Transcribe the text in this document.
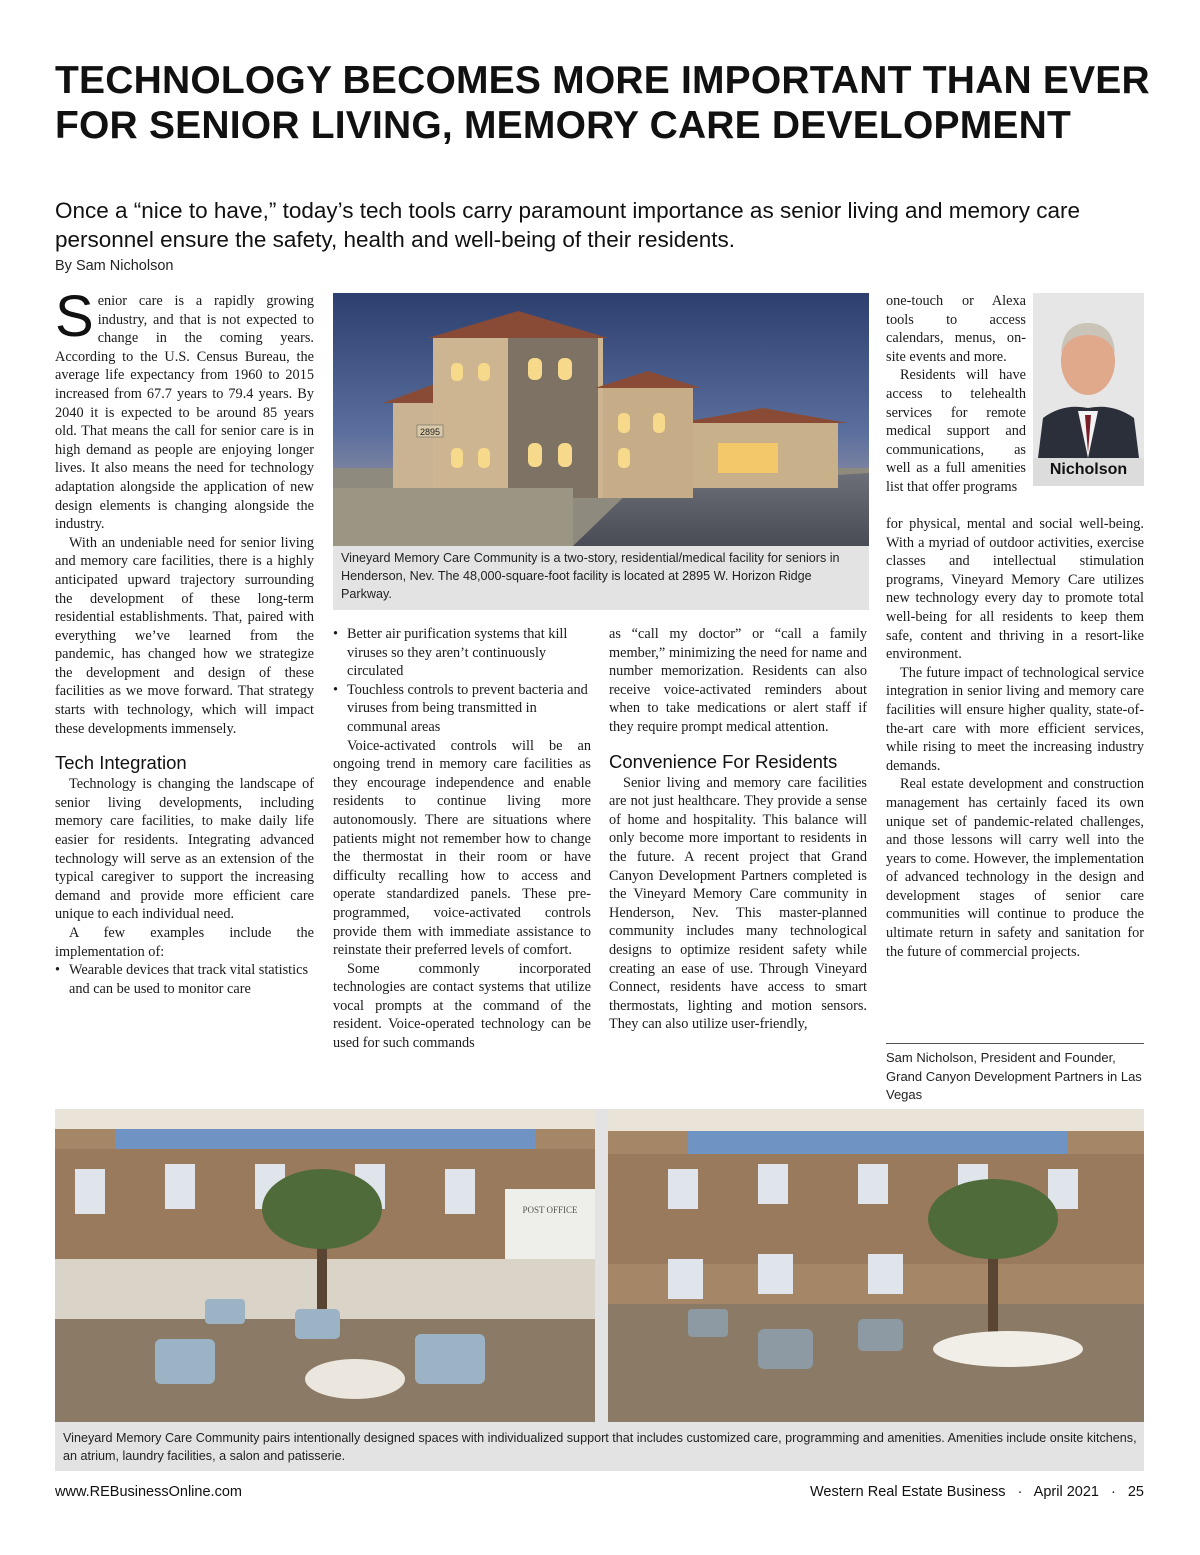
TECHNOLOGY BECOMES MORE IMPORTANT THAN EVER FOR SENIOR LIVING, MEMORY CARE DEVELOPMENT

Once a “nice to have,” today’s tech tools carry paramount importance as senior living and memory care personnel ensure the safety, health and well-being of their residents.

By Sam Nicholson

Senior care is a rapidly growing industry, and that is not expected to change in the coming years. According to the U.S. Census Bureau, the average life expectancy from 1960 to 2015 increased from 67.7 years to 79.4 years. By 2040 it is expected to be around 85 years old. That means the call for senior care is in high demand as people are enjoying longer lives. It also means the need for technology adaptation alongside the application of new design elements is changing alongside the industry.

With an undeniable need for senior living and memory care facilities, there is a highly anticipated upward trajectory surrounding the development of these long-term residential establishments. That, paired with everything we’ve learned from the pandemic, has changed how we strategize the development and design of these facilities as we move forward. That strategy starts with technology, which will impact these developments immensely.

Tech Integration

Technology is changing the landscape of senior living developments, including memory care facilities, to make daily life easier for residents. Integrating advanced technology will serve as an extension of the typical caregiver to support the increasing demand and provide more efficient care unique to each individual need.

A few examples include the implementation of:

• Wearable devices that track vital statistics and can be used to monitor care
2895

Vineyard Memory Care Community is a two-story, residential/medical facility for seniors in Henderson, Nev. The 48,000-square-foot facility is located at 2895 W. Horizon Ridge Parkway.

• Better air purification systems that kill viruses so they aren’t continuously circulated
• Touchless controls to prevent bacteria and viruses from being transmitted in communal areas

Voice-activated controls will be an ongoing trend in memory care facilities as they encourage independence and enable residents to continue living more autonomously. There are situations where patients might not remember how to change the thermostat in their room or have difficulty recalling how to access and operate standardized panels. These pre-programmed, voice-activated controls provide them with immediate assistance to reinstate their preferred levels of comfort.

Some commonly incorporated technologies are contact systems that utilize vocal prompts at the command of the resident. Voice-operated technology can be used for such commands

as “call my doctor” or “call a family member,” minimizing the need for name and number memorization. Residents can also receive voice-activated reminders about when to take medications or alert staff if they require prompt medical attention.

Convenience For Residents

Senior living and memory care facilities are not just healthcare. They provide a sense of home and hospitality. This balance will only become more important to residents in the future. A recent project that Grand Canyon Development Partners completed is the Vineyard Memory Care community in Henderson, Nev. This master-planned community includes many technological designs to optimize resident safety while creating an ease of use. Through Vineyard Connect, residents have access to smart thermostats, lighting and motion sensors. They can also utilize user-friendly,

one-touch or Alexa tools to access calendars, menus, on-site events and more.

Residents will have access to telehealth services for remote medical support and communications, as well as a full amenities list that offer programs

for physical, mental and social well-being. With a myriad of outdoor activities, exercise classes and intellectual stimulation programs, Vineyard Memory Care utilizes new technology every day to promote total well-being for all residents to keep them safe, content and thriving in a resort-like environment.

The future impact of technological service integration in senior living and memory care facilities will ensure higher quality, state-of-the-art care with more efficient services, while rising to meet the increasing industry demands.

Real estate development and construction management has certainly faced its own unique set of pandemic-related challenges, and those lessons will carry well into the years to come. However, the implementation of advanced technology in the design and development stages of senior care communities will continue to produce the ultimate return in safety and sanitation for the future of commercial projects.

Nicholson

Sam Nicholson, President and Founder, Grand Canyon Development Partners in Las Vegas

POST OFFICE

Vineyard Memory Care Community pairs intentionally designed spaces with individualized support that includes customized care, programming and amenities. Amenities include onsite kitchens, an atrium, laundry facilities, a salon and patisserie.

www.REBusinessOnline.com	Western Real Estate Business · April 2021 · 25
